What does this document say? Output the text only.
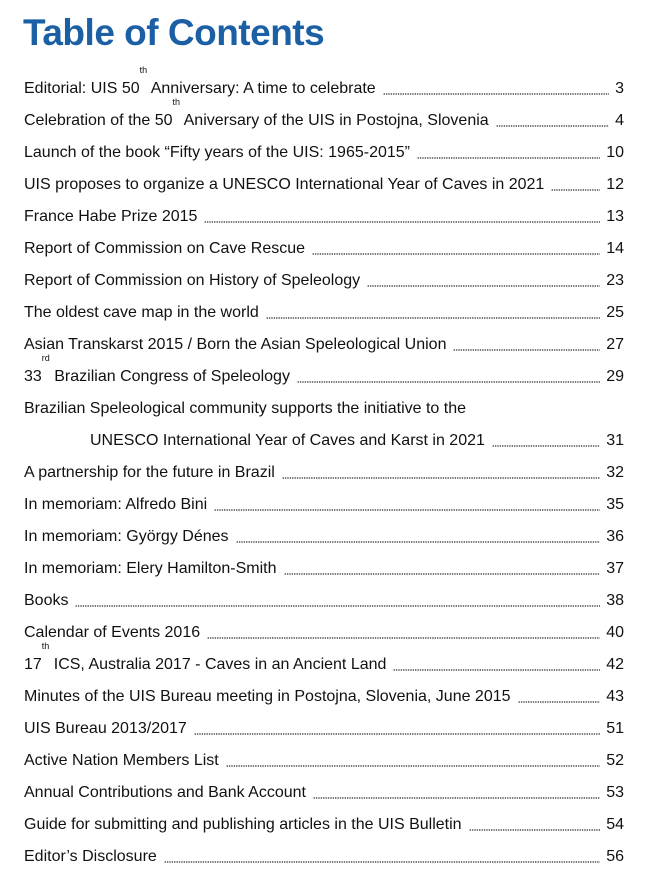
Table of Contents
Editorial: UIS 50th Anniversary: A time to celebrate	3
Celebration of the 50th Aniversary of the UIS in Postojna, Slovenia	4
Launch of the book “Fifty years of the UIS: 1965-2015”	10
UIS proposes to organize a UNESCO International Year of Caves in 2021	12
France Habe Prize 2015	13
Report of Commission on Cave Rescue	14
Report of Commission on History of Speleology	23
The oldest cave map in the world	25
Asian Transkarst 2015 / Born the Asian Speleological Union	27
33rd Brazilian Congress of Speleology	29
Brazilian Speleological community supports the initiative to the
UNESCO International Year of Caves and Karst in 2021	31
A partnership for the future in Brazil	32
In memoriam: Alfredo Bini	35
In memoriam: György Dénes	36
In memoriam: Elery Hamilton-Smith	37
Books	38
Calendar of Events 2016	40
17th ICS, Australia 2017 - Caves in an Ancient Land	42
Minutes of the UIS Bureau meeting in Postojna, Slovenia, June 2015	43
UIS Bureau 2013/2017	51
Active Nation Members List	52
Annual Contributions and Bank Account	53
Guide for submitting and publishing articles in the UIS Bulletin	54
Editor’s Disclosure	56
